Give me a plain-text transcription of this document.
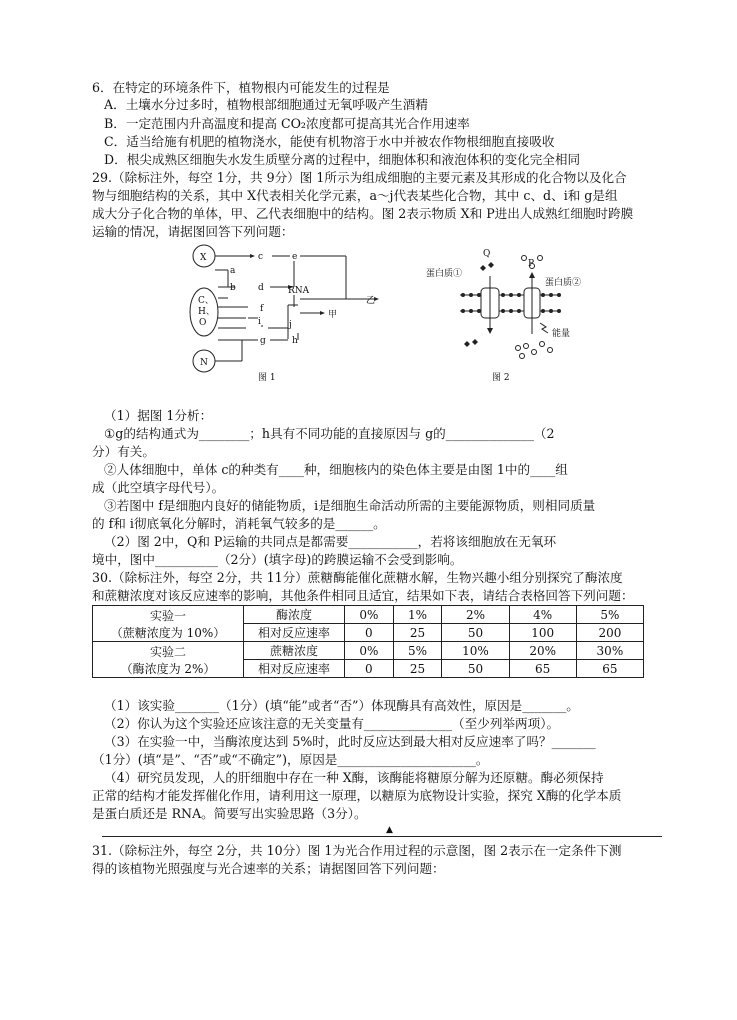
6．在特定的环境条件下，植物根内可能发生的过程是
A．土壤水分过多时，植物根部细胞通过无氧呼吸产生酒精
B．一定范围内升高温度和提高 CO₂浓度都可提高其光合作用速率
C．适当给施有机肥的植物浇水，能使有机物溶于水中并被农作物根细胞直接吸收
D．根尖成熟区细胞失水发生质壁分离的过程中，细胞体积和液泡体积的变化完全相同
29.（除标注外，每空 1分，共 9分）图 1所示为组成细胞的主要元素及其形成的化合物以及化合
物与细胞结构的关系，其中 X代表相关化学元素，a～j代表某些化合物，其中 c、d、i和 g是组
成大分子化合物的单体，甲、乙代表细胞中的结构。图 2表示物质 X和 P进出人成熟红细胞时跨膜
运输的情况，请据图回答下列问题：
X
C、
H、
O
N
a
b
c	e
d	RNA
f
i	j
甲
乙
g	h
图 1
Q
P
蛋白质①
蛋白质②
能量
图 2
（1）据图 1分析：
①g的结构通式为________；h具有不同功能的直接原因与 g的______________（2
分）有关。
②人体细胞中，单体 c的种类有____种，细胞核内的染色体主要是由图 1中的____组
成（此空填字母代号）。
③若图中 f是细胞内良好的储能物质，i是细胞生命活动所需的主要能源物质，则相同质量
的 f和 i彻底氧化分解时，消耗氧气较多的是______。
（2）图 2中，Q和 P运输的共同点是都需要___________，若将该细胞放在无氧环
境中，图中__________（2分）(填字母)的跨膜运输不会受到影响。
30.（除标注外，每空 2分，共 11分）蔗糖酶能催化蔗糖水解，生物兴趣小组分别探究了酶浓度
和蔗糖浓度对该反应速率的影响，其他条件相同且适宜，结果如下表，请结合表格回答下列问题：
实验一
（蔗糖浓度为 10%）	酶浓度	0%	1%	2%	4%	5%
	相对反应速率	0	25	50	100	200

实验二
（酶浓度为 2%）	蔗糖浓度	0%	5%	10%	20%	30%
	相对反应速率	0	25	50	65	65
（1）该实验_______（1分）(填“能”或者“否”）体现酶具有高效性，原因是_______。
（2）你认为这个实验还应该注意的无关变量有______________（至少列举两项）。
（3）在实验一中，当酶浓度达到 5%时，此时反应达到最大相对反应速率了吗？_______
（1分）(填“是”、“否”或“不确定”)，原因是______________________。
（4）研究员发现，人的肝细胞中存在一种 X酶，该酶能将糖原分解为还原糖。酶必须保持
正常的结构才能发挥催化作用，请利用这一原理，以糖原为底物设计实验，探究 X酶的化学本质
是蛋白质还是 RNA。简要写出实验思路（3分）。
▲
31.（除标注外，每空 2分，共 10分）图 1为光合作用过程的示意图，图 2表示在一定条件下测
得的该植物光照强度与光合速率的关系；请据图回答下列问题：
